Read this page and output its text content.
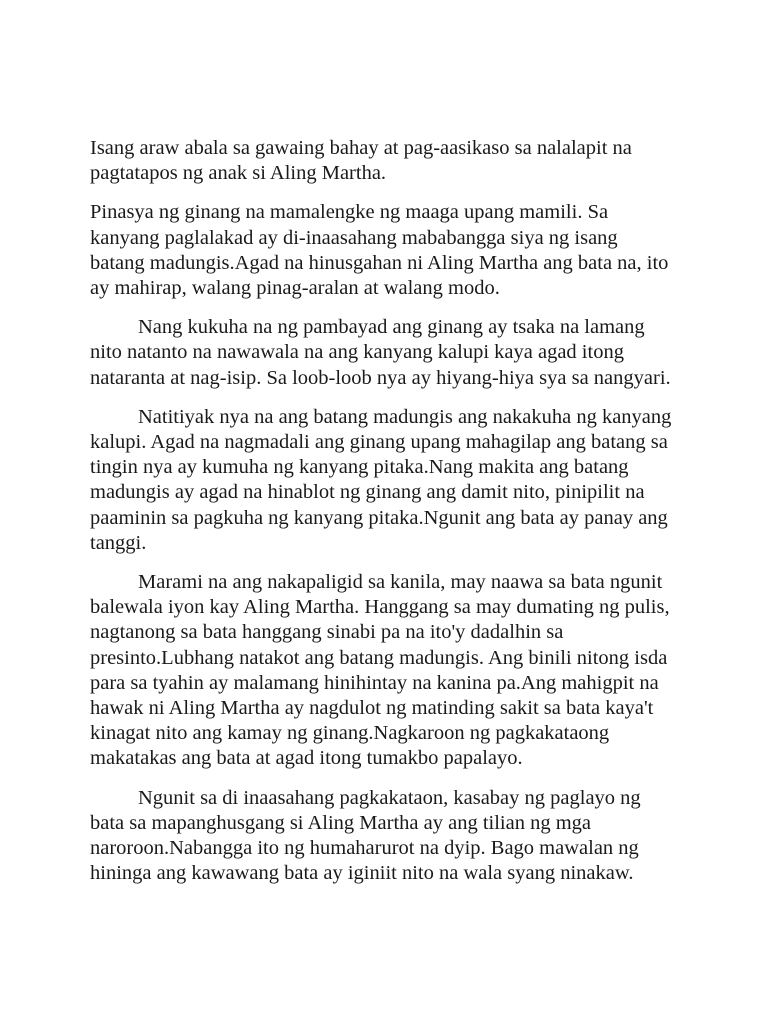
Isang araw abala sa gawaing bahay at pag-aasikaso sa nalalapit na
pagtatapos ng anak si Aling Martha.

Pinasya ng ginang na mamalengke ng maaga upang mamili. Sa
kanyang paglalakad ay di-inaasahang mababangga siya ng isang
batang madungis.Agad na hinusgahan ni Aling Martha ang bata na, ito
ay mahirap, walang pinag-aralan at walang modo.

Nang kukuha na ng pambayad ang ginang ay tsaka na lamang
nito natanto na nawawala na ang kanyang kalupi kaya agad itong
nataranta at nag-isip. Sa loob-loob nya ay hiyang-hiya sya sa nangyari.

Natitiyak nya na ang batang madungis ang nakakuha ng kanyang
kalupi. Agad na nagmadali ang ginang upang mahagilap ang batang sa
tingin nya ay kumuha ng kanyang pitaka.Nang makita ang batang
madungis ay agad na hinablot ng ginang ang damit nito, pinipilit na
paaminin sa pagkuha ng kanyang pitaka.Ngunit ang bata ay panay ang
tanggi.

Marami na ang nakapaligid sa kanila, may naawa sa bata ngunit
balewala iyon kay Aling Martha. Hanggang sa may dumating ng pulis,
nagtanong sa bata hanggang sinabi pa na ito'y dadalhin sa
presinto.Lubhang natakot ang batang madungis. Ang binili nitong isda
para sa tyahin ay malamang hinihintay na kanina pa.Ang mahigpit na
hawak ni Aling Martha ay nagdulot ng matinding sakit sa bata kaya't
kinagat nito ang kamay ng ginang.Nagkaroon ng pagkakataong
makatakas ang bata at agad itong tumakbo papalayo.

Ngunit sa di inaasahang pagkakataon, kasabay ng paglayo ng
bata sa mapanghusgang si Aling Martha ay ang tilian ng mga
naroroon.Nabangga ito ng humaharurot na dyip. Bago mawalan ng
hininga ang kawawang bata ay iginiit nito na wala syang ninakaw.
